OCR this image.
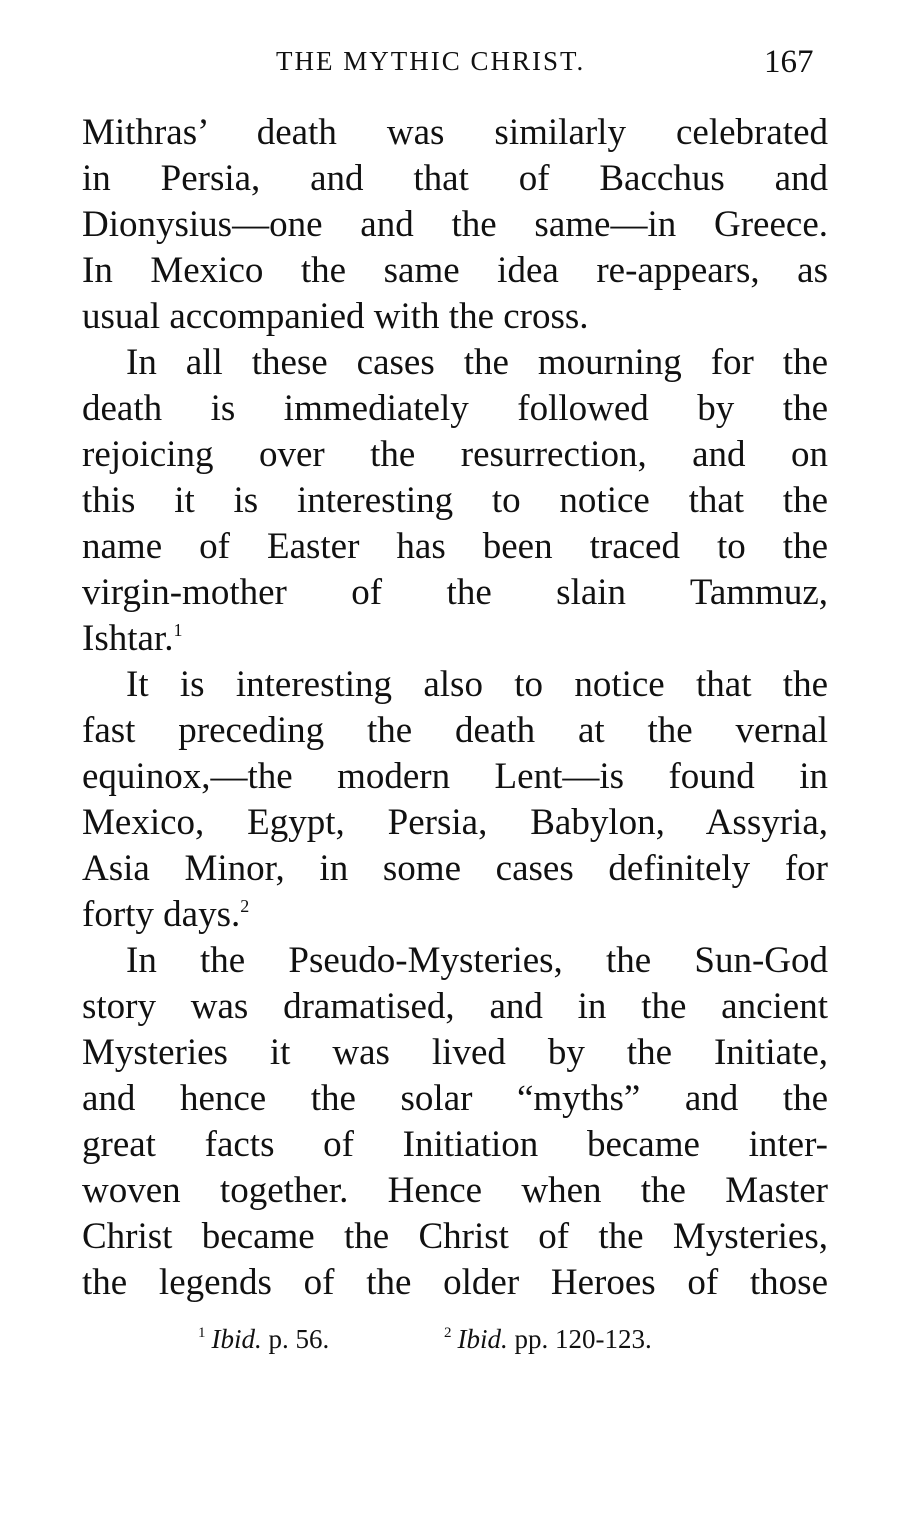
THE MYTHIC CHRIST.	167
Mithras’ death was similarly celebrated
in Persia, and that of Bacchus and
Dionysius—one and the same—in Greece.
In Mexico the same idea re-appears, as
usual accompanied with the cross.
In all these cases the mourning for the
death is immediately followed by the
rejoicing over the resurrection, and on
this it is interesting to notice that the
name of Easter has been traced to the
virgin-mother of the slain Tammuz,
Ishtar.$^1$
It is interesting also to notice that the
fast preceding the death at the vernal
equinox,—the modern Lent—is found in
Mexico, Egypt, Persia, Babylon, Assyria,
Asia Minor, in some cases definitely for
forty days.$^2$
In the Pseudo-Mysteries, the Sun-God
story was dramatised, and in the ancient
Mysteries it was lived by the Initiate,
and hence the solar “myths” and the
great facts of Initiation became inter-
woven together. Hence when the Master
Christ became the Christ of the Mysteries,
the legends of the older Heroes of those
$^1$ Ibid. p. 56.	$^2$ Ibid. pp. 120-123.
